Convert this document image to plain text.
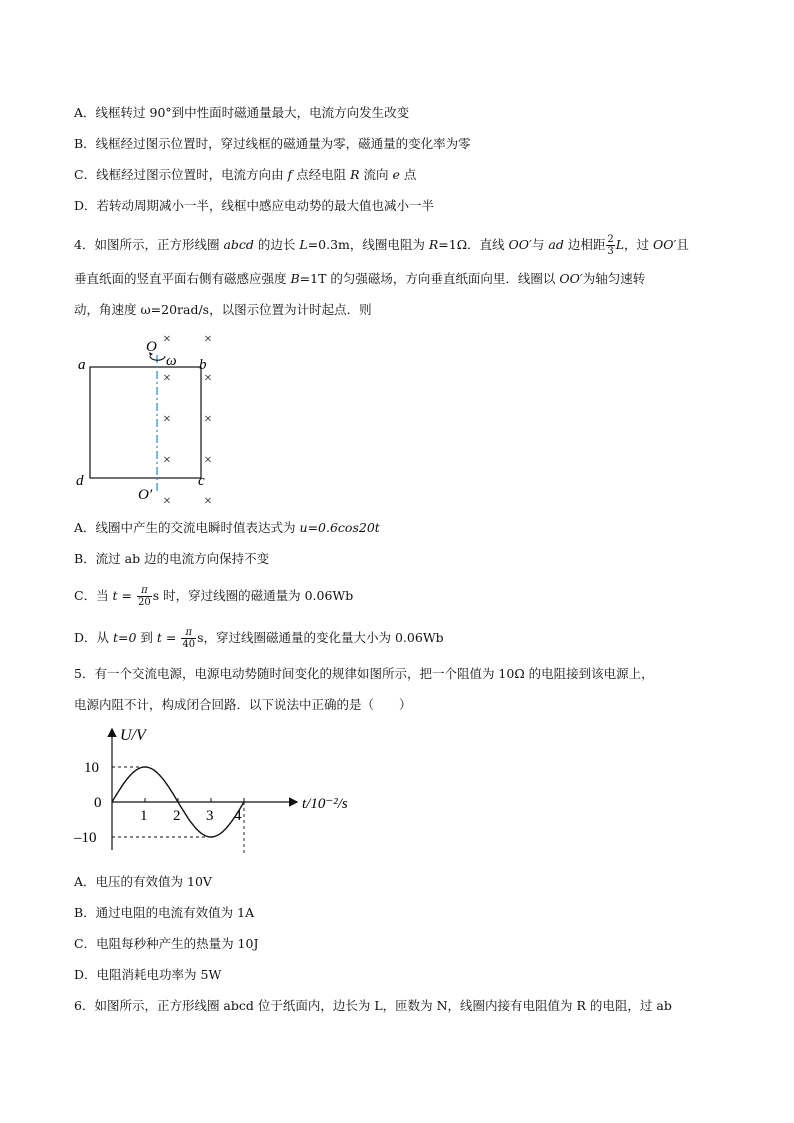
A．线框转过 90°到中性面时磁通量最大，电流方向发生改变
B．线框经过图示位置时，穿过线框的磁通量为零，磁通量的变化率为零
C．线框经过图示位置时，电流方向由 f 点经电阻 R 流向 e 点
D．若转动周期减小一半，线框中感应电动势的最大值也减小一半
4．如图所示，正方形线圈 abcd 的边长 L=0.3m，线圈电阻为 R=1Ω．直线 OO′与 ad 边相距 $\frac{2}{3}$ L，过 OO′且
垂直纸面的竖直平面右侧有磁感应强度 B=1T 的匀强磁场，方向垂直纸面向里．线圈以 OO′为轴匀速转
动，角速度 ω=20rad/s，以图示位置为计时起点．则
O
ω
a	b
d	c
O′
× ×
× ×
× ×
× ×
× ×
A．线圈中产生的交流电瞬时值表达式为 u=0.6cos20t
B．流过 ab 边的电流方向保持不变
C．当 $t = \frac{\pi}{20}$ s 时，穿过线圈的磁通量为 0.06Wb
D．从 t=0 到 $t = \frac{\pi}{40}$ s，穿过线圈磁通量的变化量大小为 0.06Wb
5．有一个交流电源，电源电动势随时间变化的规律如图所示，把一个阻值为 10Ω 的电阻接到该电源上，
电源内阻不计，构成闭合回路．以下说法中正确的是（　　）
U/V
t/10⁻²/s
1 2 3 4
10
0
–10
A．电压的有效值为 10V
B．通过电阻的电流有效值为 1A
C．电阻每秒种产生的热量为 10J
D．电阻消耗电功率为 5W
6．如图所示，正方形线圈 abcd 位于纸面内，边长为 L，匝数为 N，线圈内接有电阻值为 R 的电阻，过 ab
